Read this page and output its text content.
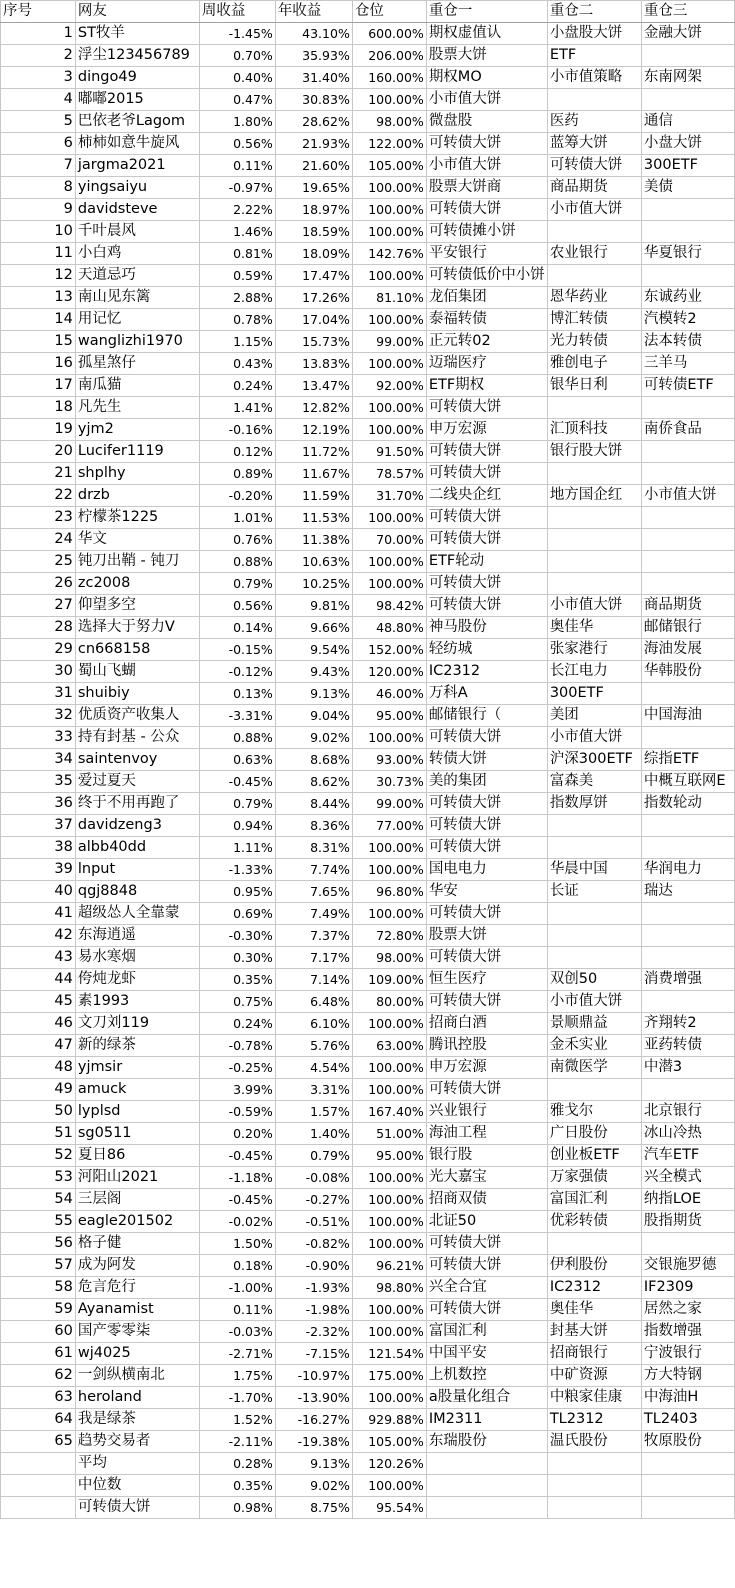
序号	网友	周收益	年收益	仓位	重仓一	重仓二	重仓三
1	ST牧羊	-1.45%	43.10%	600.00%	期权虚值认	小盘股大饼	金融大饼
2	浮尘123456789	0.70%	35.93%	206.00%	股票大饼	ETF	
3	dingo49	0.40%	31.40%	160.00%	期权MO	小市值策略	东南网架
4	嘟嘟2015	0.47%	30.83%	100.00%	小市值大饼		
5	巴依老爷Lagom	1.80%	28.62%	98.00%	微盘股	医药	通信
6	柿柿如意牛旋风	0.56%	21.93%	122.00%	可转债大饼	蓝筹大饼	小盘大饼
7	jargma2021	0.11%	21.60%	105.00%	小市值大饼	可转债大饼	300ETF
8	yingsaiyu	-0.97%	19.65%	100.00%	股票大饼商	商品期货	美债
9	davidsteve	2.22%	18.97%	100.00%	可转债大饼	小市值大饼	
10	千叶晨风	1.46%	18.59%	100.00%	可转债摊小饼		
11	小白鸡	0.81%	18.09%	142.76%	平安银行	农业银行	华夏银行
12	天道忌巧	0.59%	17.47%	100.00%	可转债低价中小饼		
13	南山见东篱	2.88%	17.26%	81.10%	龙佰集团	恩华药业	东诚药业
14	用记忆	0.78%	17.04%	100.00%	泰福转债	博汇转债	汽模转2
15	wanglizhi1970	1.15%	15.73%	99.00%	正元转02	光力转债	法本转债
16	孤星煞仔	0.43%	13.83%	100.00%	迈瑞医疗	雅创电子	三羊马
17	南瓜猫	0.24%	13.47%	92.00%	ETF期权	银华日利	可转债ETF
18	凡先生	1.41%	12.82%	100.00%	可转债大饼		
19	yjm2	-0.16%	12.19%	100.00%	申万宏源	汇顶科技	南侨食品
20	Lucifer1119	0.12%	11.72%	91.50%	可转债大饼	银行股大饼	
21	shplhy	0.89%	11.67%	78.57%	可转债大饼		
22	drzb	-0.20%	11.59%	31.70%	二线央企红	地方国企红	小市值大饼
23	柠檬茶1225	1.01%	11.53%	100.00%	可转债大饼		
24	华文	0.76%	11.38%	70.00%	可转债大饼		
25	钝刀出鞘 - 钝刀	0.88%	10.63%	100.00%	ETF轮动		
26	zc2008	0.79%	10.25%	100.00%	可转债大饼		
27	仰望多空	0.56%	9.81%	98.42%	可转债大饼	小市值大饼	商品期货
28	选择大于努力V	0.14%	9.66%	48.80%	神马股份	奥佳华	邮储银行
29	cn668158	-0.15%	9.54%	152.00%	轻纺城	张家港行	海油发展
30	蜀山飞蝴	-0.12%	9.43%	120.00%	IC2312	长江电力	华韩股份
31	shuibiy	0.13%	9.13%	46.00%	万科A	300ETF	
32	优质资产收集人	-3.31%	9.04%	95.00%	邮储银行（	美团	中国海油
33	持有封基 - 公众	0.88%	9.02%	100.00%	可转债大饼	小市值大饼	
34	saintenvoy	0.63%	8.68%	93.00%	转债大饼	沪深300ETF	综指ETF
35	爱过夏天	-0.45%	8.62%	30.73%	美的集团	富森美	中概互联网E
36	终于不用再跑了	0.79%	8.44%	99.00%	可转债大饼	指数厚饼	指数轮动
37	davidzeng3	0.94%	8.36%	77.00%	可转债大饼		
38	albb40dd	1.11%	8.31%	100.00%	可转债大饼		
39	lnput	-1.33%	7.74%	100.00%	国电电力	华晨中国	华润电力
40	qgj8848	0.95%	7.65%	96.80%	华安	长证	瑞达
41	超级怂人全靠蒙	0.69%	7.49%	100.00%	可转债大饼		
42	东海逍遥	-0.30%	7.37%	72.80%	股票大饼		
43	易水寒烟	0.30%	7.17%	98.00%	可转债大饼		
44	侉炖龙虾	0.35%	7.14%	109.00%	恒生医疗	双创50	消费增强
45	素1993	0.75%	6.48%	80.00%	可转债大饼	小市值大饼	
46	文刀刘119	0.24%	6.10%	100.00%	招商白酒	景顺鼎益	齐翔转2
47	新的绿茶	-0.78%	5.76%	63.00%	腾讯控股	金禾实业	亚药转债
48	yjmsir	-0.25%	4.54%	100.00%	申万宏源	南微医学	中潜3
49	amuck	3.99%	3.31%	100.00%	可转债大饼		
50	lyplsd	-0.59%	1.57%	167.40%	兴业银行	雅戈尔	北京银行
51	sg0511	0.20%	1.40%	51.00%	海油工程	广日股份	冰山冷热
52	夏日86	-0.45%	0.79%	95.00%	银行股	创业板ETF	汽车ETF
53	河阳山2021	-1.18%	-0.08%	100.00%	光大嘉宝	万家强债	兴全模式
54	三层阁	-0.45%	-0.27%	100.00%	招商双债	富国汇利	纳指LOE
55	eagle201502	-0.02%	-0.51%	100.00%	北证50	优彩转债	股指期货
56	格子健	1.50%	-0.82%	100.00%	可转债大饼		
57	成为阿发	0.18%	-0.90%	96.21%	可转债大饼	伊利股份	交银施罗德
58	危言危行	-1.00%	-1.93%	98.80%	兴全合宜	IC2312	IF2309
59	Ayanamist	0.11%	-1.98%	100.00%	可转债大饼	奥佳华	居然之家
60	国产零零柒	-0.03%	-2.32%	100.00%	富国汇利	封基大饼	指数增强
61	wj4025	-2.71%	-7.15%	121.54%	中国平安	招商银行	宁波银行
62	一剑纵横南北	1.75%	-10.97%	175.00%	上机数控	中矿资源	方大特钢
63	heroland	-1.70%	-13.90%	100.00%	a股量化组合	中粮家佳康	中海油H
64	我是绿茶	1.52%	-16.27%	929.88%	IM2311	TL2312	TL2403
65	趋势交易者	-2.11%	-19.38%	105.00%	东瑞股份	温氏股份	牧原股份
	平均	0.28%	9.13%	120.26%			
	中位数	0.35%	9.02%	100.00%			
	可转债大饼	0.98%	8.75%	95.54%			
